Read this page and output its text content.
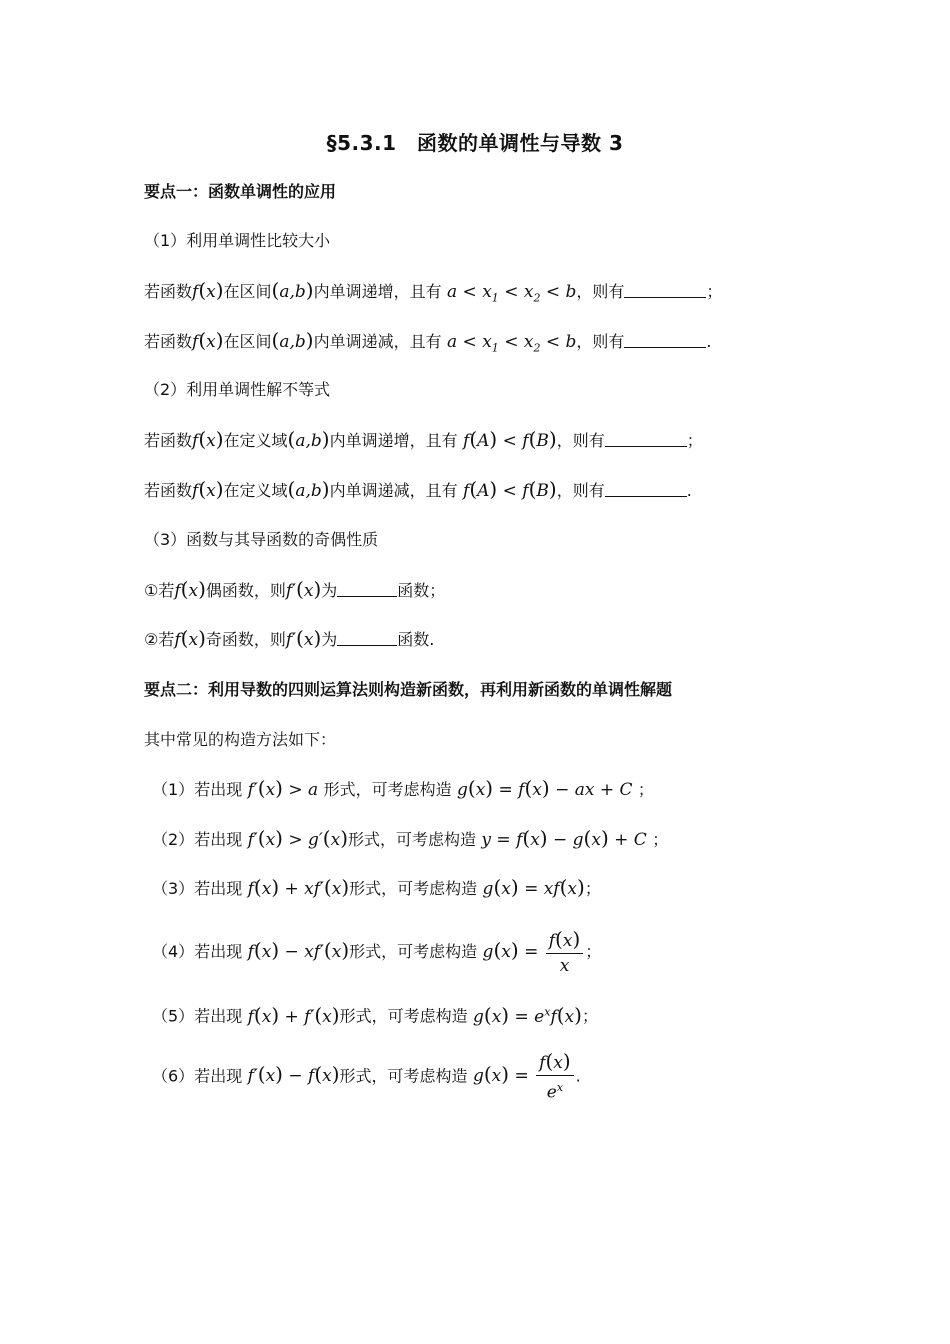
§5.3.1　函数的单调性与导数 3
要点一：函数单调性的应用
（1）利用单调性比较大小
若函数f(x)在区间(a,b)内单调递增，且有 $a < x_1 < x_2 < b$，则有	；
若函数f(x)在区间(a,b)内单调递减，且有 $a < x_1 < x_2 < b$，则有	.
（2）利用单调性解不等式
若函数f(x)在定义域(a,b)内单调递增，且有 f(A) < f(B)，则有	；
若函数f(x)在定义域(a,b)内单调递减，且有 f(A) < f(B)，则有	.
（3）函数与其导函数的奇偶性质
①若f(x)偶函数，则f′(x)为	函数；
②若f(x)奇函数，则f′(x)为	函数.
要点二：利用导数的四则运算法则构造新函数，再利用新函数的单调性解题
其中常见的构造方法如下：
（1）若出现 f′(x) > a 形式，可考虑构造 g(x) = f(x) − ax + C ；
（2）若出现 f′(x) > g′(x)形式，可考虑构造 y = f(x) − g(x) + C ；
（3）若出现 f(x) + xf′(x)形式，可考虑构造 g(x) = xf(x)；
（4）若出现 f(x) − xf′(x)形式，可考虑构造 $g(x) = \frac{f(x)}{x}$ ；
（5）若出现 f(x) + f′(x)形式，可考虑构造 $g(x) = e^xf(x)$；
（6）若出现 f′(x) − f(x)形式，可考虑构造 $g(x) = \frac{f(x)}{e^x}$ .
